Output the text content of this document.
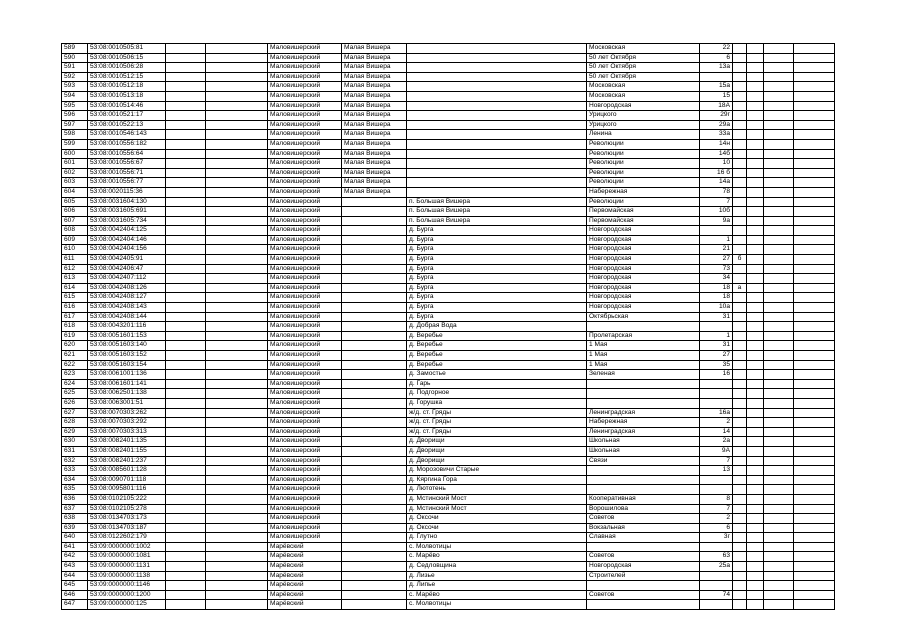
589	53:08:0010505:81			Маловишерский	Малая Вишера		Московская	22				
590	53:08:0010506:15			Маловишерский	Малая Вишера		50 лет Октября	6				
591	53:08:0010506:28			Маловишерский	Малая Вишера		50 лет Октября	13а				
592	53:08:0010512:15			Маловишерский	Малая Вишера		50 лет Октября					
593	53:08:0010512:18			Маловишерский	Малая Вишера		Московская	15а				
594	53:08:0010513:18			Маловишерский	Малая Вишера		Московская	15				
595	53:08:0010514:46			Маловишерский	Малая Вишера		Новгородская	18А				
596	53:08:0010521:17			Маловишерский	Малая Вишера		Урицкого	29г				
597	53:08:0010522:13			Маловишерский	Малая Вишера		Урицкого	29а				
598	53:08:0010546:143			Маловишерский	Малая Вишера		Ленина	33а				
599	53:08:0010556:182			Маловишерский	Малая Вишера		Революции	14н				
600	53:08:0010556:64			Маловишерский	Малая Вишера		Революции	14б				
601	53:08:0010556:67			Маловишерский	Малая Вишера		Революции	10				
602	53:08:0010556:71			Маловишерский	Малая Вишера		Революции	16 б				
603	53:08:0010556:77			Маловишерский	Малая Вишера		Революции	14а				
604	53:08:0020115:36			Маловишерский	Малая Вишера		Набережная	78				
605	53:08:0031604:130			Маловишерский		п. Большая Вишера	Революции	7				
606	53:08:0031605:691			Маловишерский		п. Большая Вишера	Первомайская	10б				
607	53:08:0031605:734			Маловишерский		п. Большая Вишера	Первомайская	9а				
608	53:08:0042404:125			Маловишерский		д. Бурга	Новгородская					
609	53:08:0042404:146			Маловишерский		д. Бурга	Новгородская	1				
610	53:08:0042404:156			Маловишерский		д. Бурга	Новгородская	21				
611	53:08:0042405:91			Маловишерский		д. Бурга	Новгородская	27	б			
612	53:08:0042406:47			Маловишерский		д. Бурга	Новгородская	73				
613	53:08:0042407:112			Маловишерский		д. Бурга	Новгородская	34				
614	53:08:0042408:126			Маловишерский		д. Бурга	Новгородская	18	а			
615	53:08:0042408:127			Маловишерский		д. Бурга	Новгородская	18				
616	53:08:0042408:143			Маловишерский		д. Бурга	Новгородская	10а				
617	53:08:0042408:144			Маловишерский		д. Бурга	Октябрьская	31				
618	53:08:0043201:116			Маловишерский		д. Добрая Вода						
619	53:08:0051601:153			Маловишерский		д. Веребье	Пролетарская	1				
620	53:08:0051603:140			Маловишерский		д. Веребье	1 Мая	31				
621	53:08:0051603:152			Маловишерский		д. Веребье	1 Мая	27				
622	53:08:0051603:154			Маловишерский		д. Веребье	1 Мая	35				
623	53:08:0061001:136			Маловишерский		д. Замостье	Зеленая	16				
624	53:08:0061601:141			Маловишерский		д. Гарь						
625	53:08:0062501:138			Маловишерский		д. Подгорное						
626	53:08:0063001:51			Маловишерский		д. Горушка						
627	53:08:0070303:262			Маловишерский		ж/д. ст. Гряды	Ленинградская	16а				
628	53:08:0070303:292			Маловишерский		ж/д. ст. Гряды	Набережная	2				
629	53:08:0070303:313			Маловишерский		ж/д. ст. Гряды	Ленинградская	14				
630	53:08:0082401:135			Маловишерский		д. Дворищи	Школьная	2а				
631	53:08:0082401:155			Маловишерский		д. Дворищи	Школьная	9А				
632	53:08:0082401:237			Маловишерский		д. Дворищи	Связи	7				
633	53:08:0085601:128			Маловишерский		д. Морозовичи Старые		13				
634	53:08:0090701:118			Маловишерский		д. Кяргина Гора						
635	53:08:0095801:116			Маловишерский		д. Лютотень						
636	53:08:0102105:222			Маловишерский		д. Мстинский Мост	Кооперативная	8				
637	53:08:0102105:278			Маловишерский		д. Мстинский Мост	Ворошилова	7				
638	53:08:0134703:173			Маловишерский		д. Оксочи	Советов	2				
639	53:08:0134703:187			Маловишерский		д. Оксочи	Вокзальная	6				
640	53:08:0122602:179			Маловишерский		д. Глутно	Славная	3г				
641	53:09:0000000:1002			Марёвский		с. Молвотицы						
642	53:09:0000000:1081			Марёвский		с. Марёво	Советов	63				
643	53:09:0000000:1131			Марёвский		д. Седловщина	Новгородская	25а				
644	53:09:0000000:1138			Марёвский		д. Лизье	Строителей					
645	53:09:0000000:1146			Марёвский		д. Липье						
646	53:09:0000000:1200			Марёвский		с. Марёво	Советов	74				
647	53:09:0000000:125			Марёвский		с. Молвотицы						
